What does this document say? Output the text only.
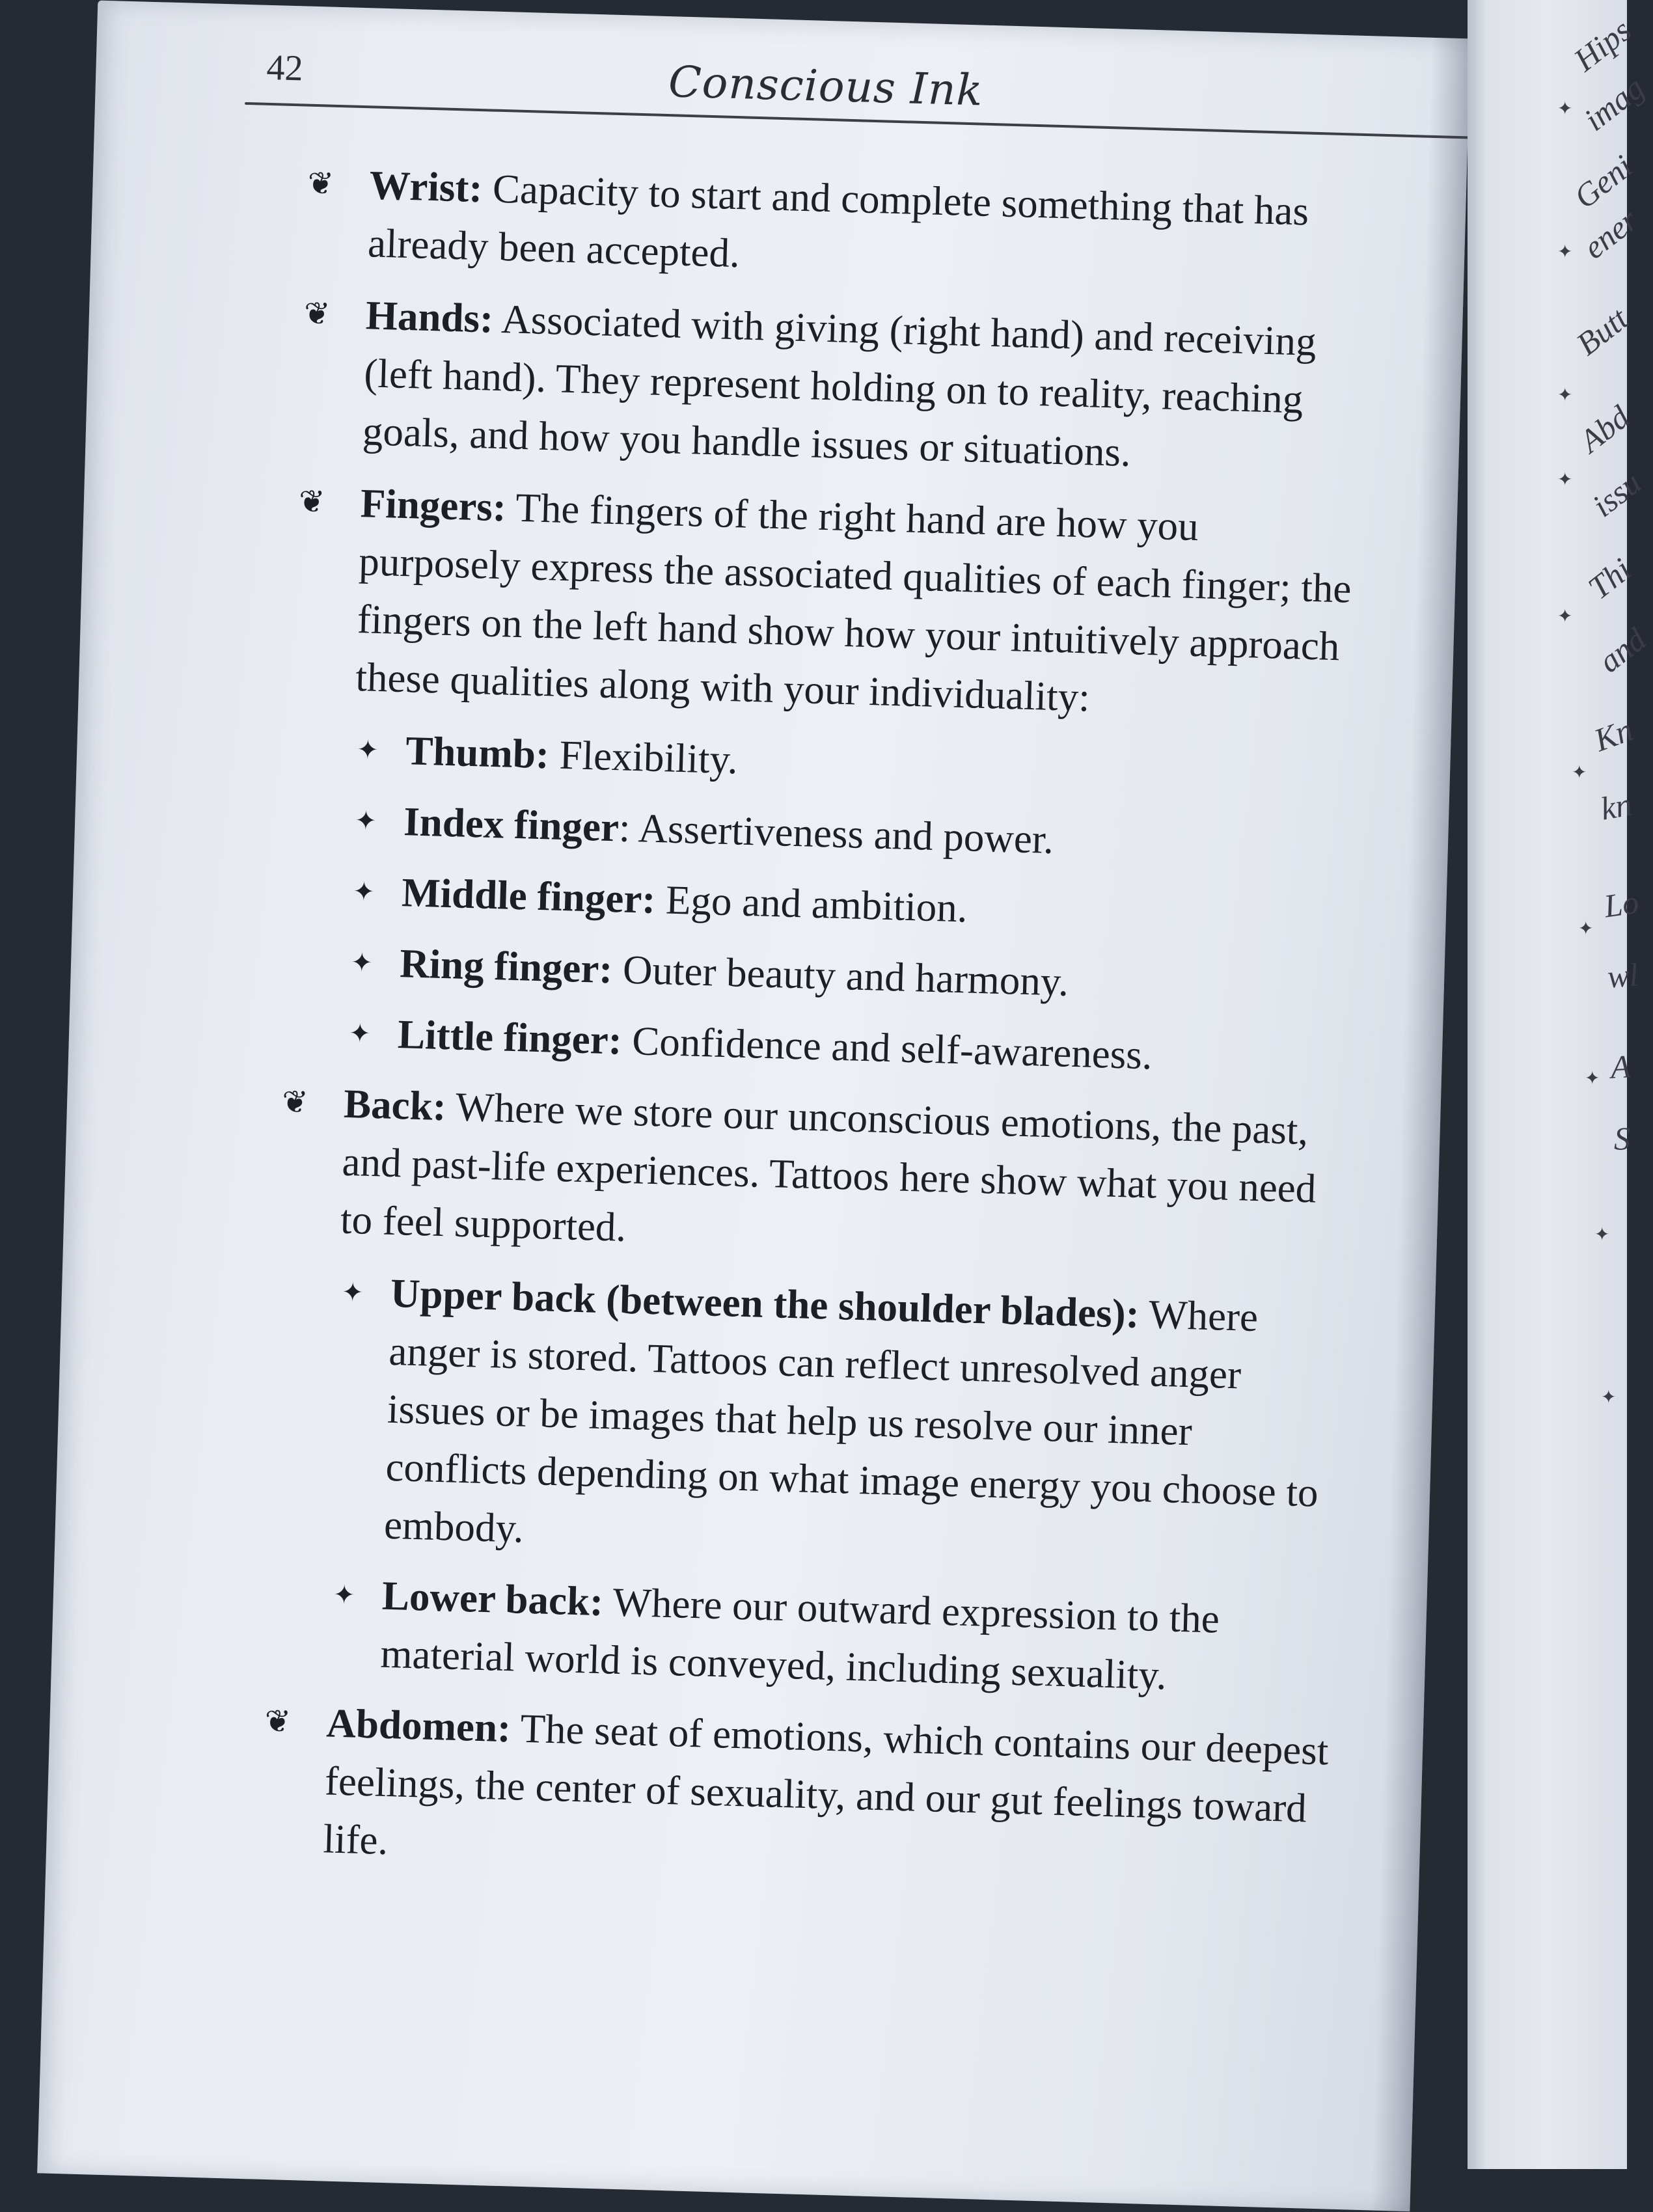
42	Conscious Ink
❦ Wrist: Capacity to start and complete something that has already been accepted.
❦ Hands: Associated with giving (right hand) and receiving (left hand). They represent holding on to reality, reaching goals, and how you handle issues or situations.
❦ Fingers: The fingers of the right hand are how you purposely express the associated qualities of each finger; the fingers on the left hand show how your intuitively approach these qualities along with your individuality:
✦ Thumb: Flexibility.
✦ Index finger: Assertiveness and power.
✦ Middle finger: Ego and ambition.
✦ Ring finger: Outer beauty and harmony.
✦ Little finger: Confidence and self-awareness.
❦ Back: Where we store our unconscious emotions, the past, and past-life experiences. Tattoos here show what you need to feel supported.
✦ Upper back (between the shoulder blades): Where anger is stored. Tattoos can reflect unresolved anger issues or be images that help us resolve our inner conflicts depending on what image energy you choose to embody.
✦ Lower back: Where our outward expression to the material world is conveyed, including sexuality.
❦ Abdomen: The seat of emotions, which contains our deepest feelings, the center of sexuality, and our gut feelings toward life.
Hips
imag
Geni
ener
Butt
Abd
issu
Thi
and
Kn
kn
Lo
wl
A
S
✦
✦
✦
✦
✦
✦
✦
✦
✦
✦
